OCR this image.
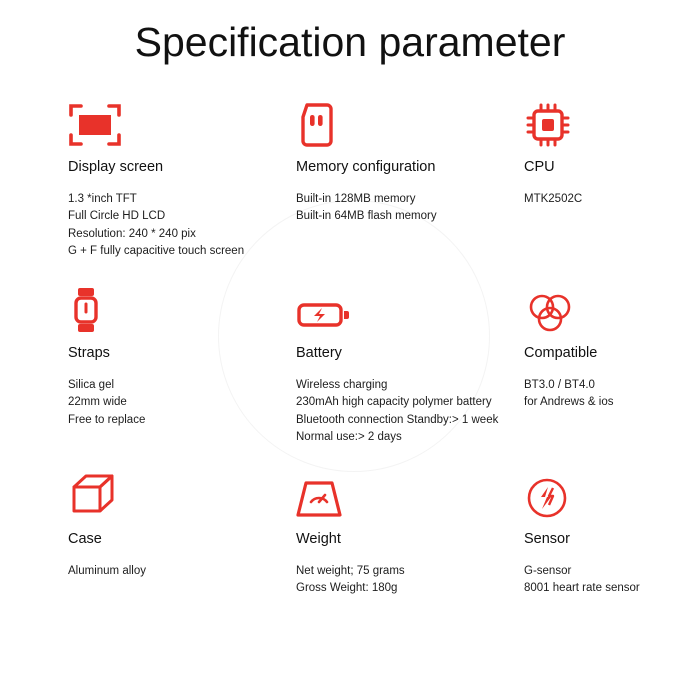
Specification parameter
Display screen
1.3 *inch TFT
Full Circle HD LCD
Resolution: 240 * 240 pix
G + F fully capacitive touch screen
Memory configuration
Built-in 128MB memory
Built-in 64MB flash memory
CPU
MTK2502C
Straps
Silica gel
22mm wide
Free to replace
Battery
Wireless charging
230mAh high capacity polymer battery
Bluetooth connection Standby:> 1 week
Normal use:> 2 days
Compatible
BT3.0 / BT4.0
for Andrews & ios
Case
Aluminum alloy
Weight
Net weight; 75 grams
Gross Weight: 180g
Sensor
G-sensor
8001 heart rate sensor
